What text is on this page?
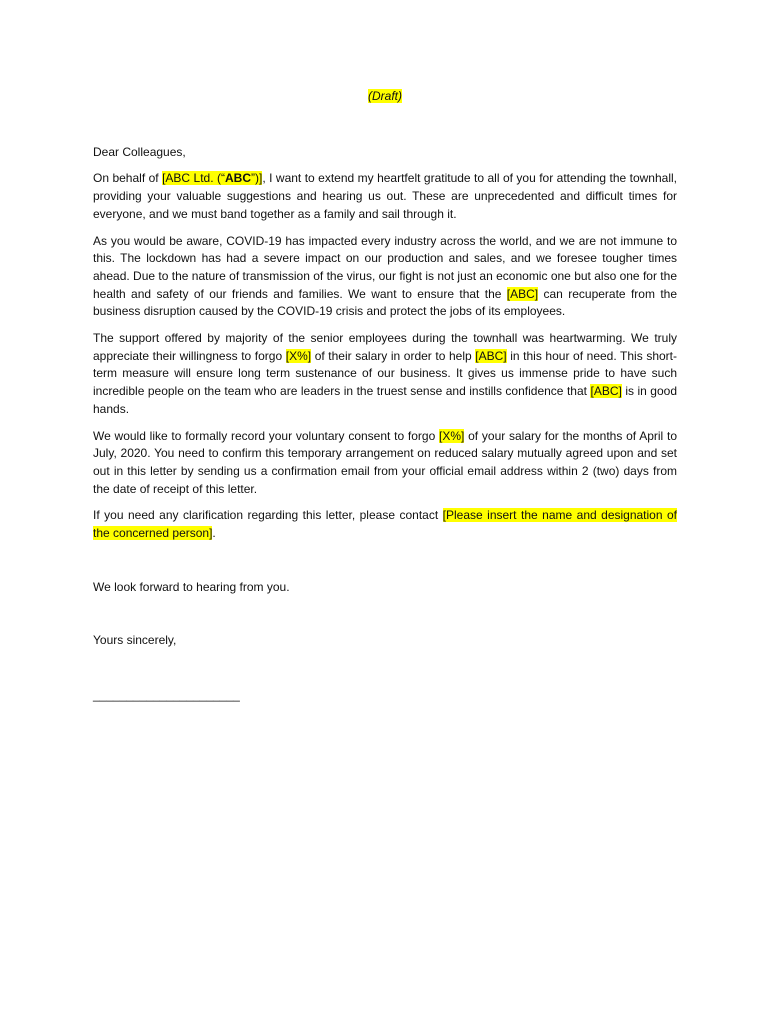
(Draft)

Dear Colleagues,

On behalf of [ABC Ltd. (“ABC”)], I want to extend my heartfelt gratitude to all of you for attending the townhall, providing your valuable suggestions and hearing us out. These are unprecedented and difficult times for everyone, and we must band together as a family and sail through it.

As you would be aware, COVID-19 has impacted every industry across the world, and we are not immune to this. The lockdown has had a severe impact on our production and sales, and we foresee tougher times ahead. Due to the nature of transmission of the virus, our fight is not just an economic one but also one for the health and safety of our friends and families. We want to ensure that the [ABC] can recuperate from the business disruption caused by the COVID-19 crisis and protect the jobs of its employees.

The support offered by majority of the senior employees during the townhall was heartwarming. We truly appreciate their willingness to forgo [X%] of their salary in order to help [ABC] in this hour of need. This short-term measure will ensure long term sustenance of our business. It gives us immense pride to have such incredible people on the team who are leaders in the truest sense and instills confidence that [ABC] is in good hands.

We would like to formally record your voluntary consent to forgo [X%] of your salary for the months of April to July, 2020. You need to confirm this temporary arrangement on reduced salary mutually agreed upon and set out in this letter by sending us a confirmation email from your official email address within 2 (two) days from the date of receipt of this letter.

If you need any clarification regarding this letter, please contact [Please insert the name and designation of the concerned person].

We look forward to hearing from you.

Yours sincerely,

______________________
